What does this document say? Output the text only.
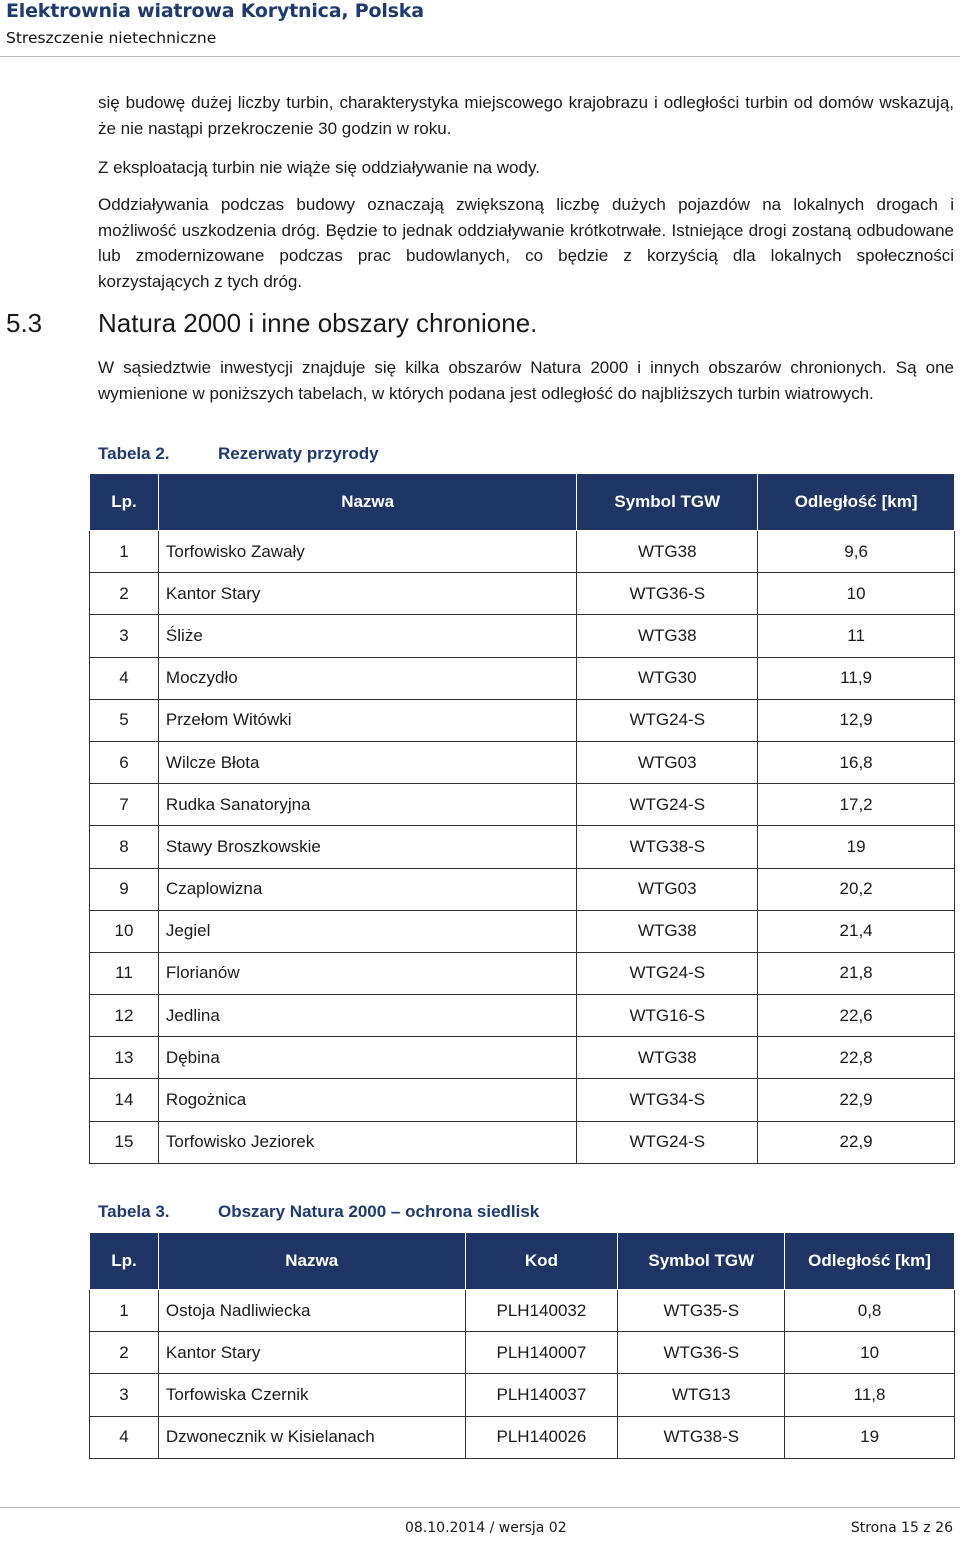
Elektrownia wiatrowa Korytnica, Polska
Streszczenie nietechniczne

się budowę dużej liczby turbin, charakterystyka miejscowego krajobrazu i odległości turbin od domów wskazują, że nie nastąpi przekroczenie 30 godzin w roku.

Z eksploatacją turbin nie wiąże się oddziaływanie na wody.

Oddziaływania podczas budowy oznaczają zwiększoną liczbę dużych pojazdów na lokalnych drogach i możliwość uszkodzenia dróg. Będzie to jednak oddziaływanie krótkotrwałe. Istniejące drogi zostaną odbudowane lub zmodernizowane podczas prac budowlanych, co będzie z korzyścią dla lokalnych społeczności korzystających z tych dróg.

5.3 Natura 2000 i inne obszary chronione.

W sąsiedztwie inwestycji znajduje się kilka obszarów Natura 2000 i innych obszarów chronionych. Są one wymienione w poniższych tabelach, w których podana jest odległość do najbliższych turbin wiatrowych.

Tabela 2.	Rezerwaty przyrody
Lp.	Nazwa	Symbol TGW	Odległość [km]
1	Torfowisko Zawały	WTG38	9,6
2	Kantor Stary	WTG36-S	10
3	Śliże	WTG38	11
4	Moczydło	WTG30	11,9
5	Przełom Witówki	WTG24-S	12,9
6	Wilcze Błota	WTG03	16,8
7	Rudka Sanatoryjna	WTG24-S	17,2
8	Stawy Broszkowskie	WTG38-S	19
9	Czaplowizna	WTG03	20,2
10	Jegiel	WTG38	21,4
11	Florianów	WTG24-S	21,8
12	Jedlina	WTG16-S	22,6
13	Dębina	WTG38	22,8
14	Rogożnica	WTG34-S	22,9
15	Torfowisko Jeziorek	WTG24-S	22,9
Tabela 3.	Obszary Natura 2000 – ochrona siedlisk
Lp.	Nazwa	Kod	Symbol TGW	Odległość [km]
1	Ostoja Nadliwiecka	PLH140032	WTG35-S	0,8
2	Kantor Stary	PLH140007	WTG36-S	10
3	Torfowiska Czernik	PLH140037	WTG13	11,8
4	Dzwonecznik w Kisielanach	PLH140026	WTG38-S	19
08.10.2014 / wersja 02	Strona 15 z 26
